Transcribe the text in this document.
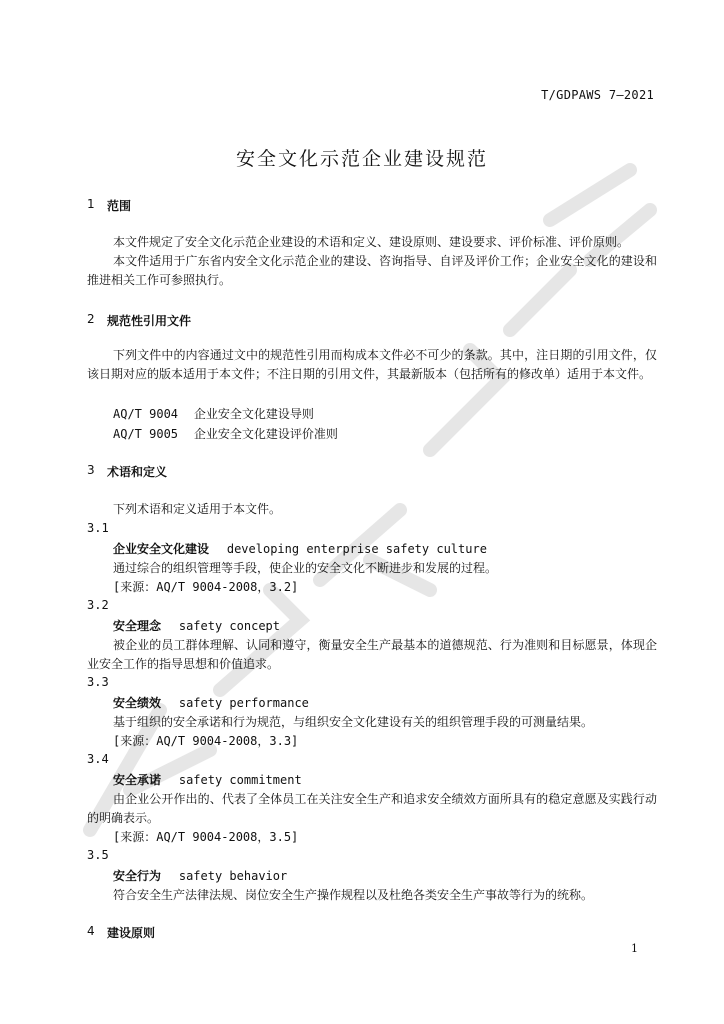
T/GDPAWS 7—2021
安全文化示范企业建设规范
1 范围
本文件规定了安全文化示范企业建设的术语和定义、建设原则、建设要求、评价标准、评价原则。
本文件适用于广东省内安全文化示范企业的建设、咨询指导、自评及评价工作；企业安全文化的建设和推进相关工作可参照执行。
2 规范性引用文件
下列文件中的内容通过文中的规范性引用而构成本文件必不可少的条款。其中，注日期的引用文件，仅该日期对应的版本适用于本文件；不注日期的引用文件，其最新版本（包括所有的修改单）适用于本文件。
AQ/T 9004 企业安全文化建设导则
AQ/T 9005 企业安全文化建设评价准则
3 术语和定义
下列术语和定义适用于本文件。
3.1
企业安全文化建设 developing enterprise safety culture
通过综合的组织管理等手段，使企业的安全文化不断进步和发展的过程。
[来源：AQ/T 9004-2008，3.2]
3.2
安全理念 safety concept
被企业的员工群体理解、认同和遵守，衡量安全生产最基本的道德规范、行为准则和目标愿景，体现企业安全工作的指导思想和价值追求。
3.3
安全绩效 safety performance
基于组织的安全承诺和行为规范，与组织安全文化建设有关的组织管理手段的可测量结果。
[来源：AQ/T 9004-2008，3.3]
3.4
安全承诺 safety commitment
由企业公开作出的、代表了全体员工在关注安全生产和追求安全绩效方面所具有的稳定意愿及实践行动的明确表示。
[来源：AQ/T 9004-2008，3.5]
3.5
安全行为 safety behavior
符合安全生产法律法规、岗位安全生产操作规程以及杜绝各类安全生产事故等行为的统称。
4 建设原则
1
